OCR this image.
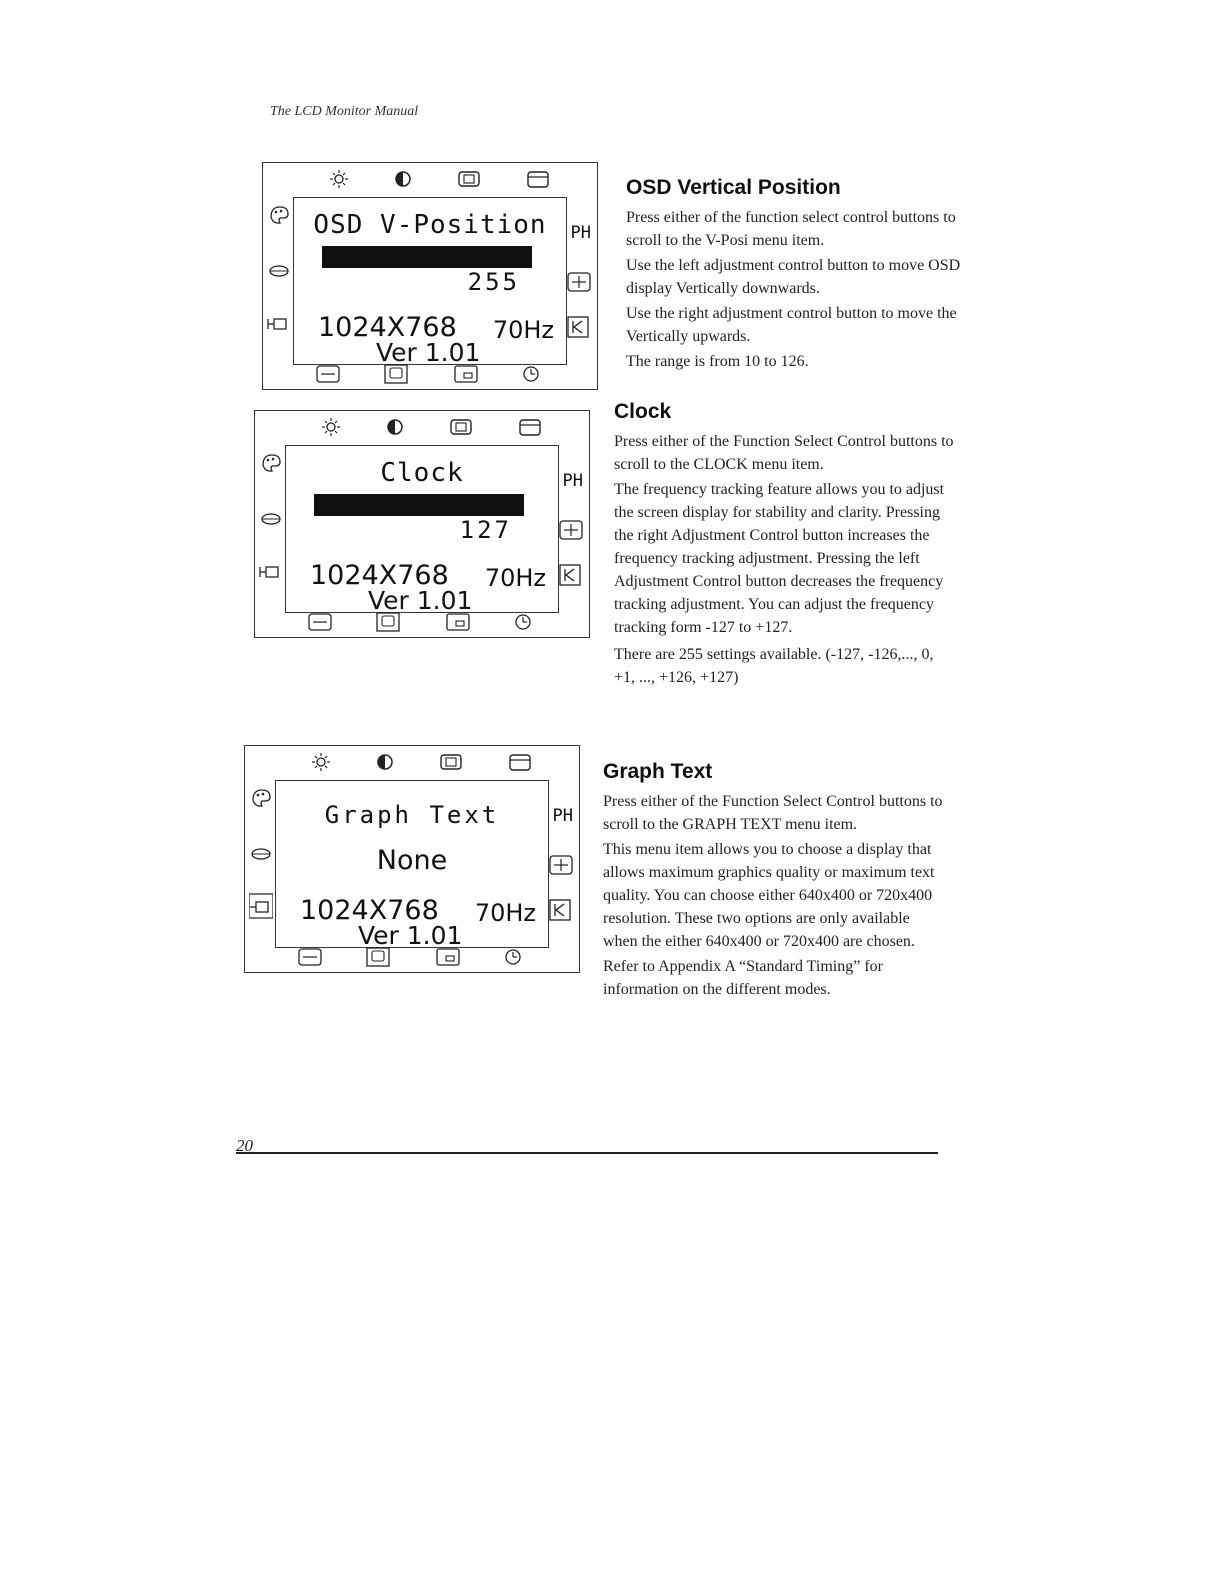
The LCD Monitor Manual
OSD V-Position
255
1024X768 70Hz
Ver 1.01
PH
Clock
127
1024X768 70Hz
Ver 1.01
PH
Graph Text
None
1024X768 70Hz
Ver 1.01
PH
OSD Vertical Position

Press either of the function select control buttons to scroll to the V-Posi menu item.

Use the left adjustment control button to move OSD display Vertically downwards.

Use the right adjustment control button to move the Vertically upwards.

The range is from 10 to 126.

Clock

Press either of the Function Select Control buttons to scroll to the CLOCK menu item.

The frequency tracking feature allows you to adjust the screen display for stability and clarity. Pressing the right Adjustment Control button increases the frequency tracking adjustment. Pressing the left Adjustment Control button decreases the frequency tracking adjustment. You can adjust the frequency tracking form -127 to +127.

There are 255 settings available. (-127, -126,..., 0, +1, ..., +126, +127)

Graph Text

Press either of the Function Select Control buttons to scroll to the GRAPH TEXT menu item.

This menu item allows you to choose a display that allows maximum graphics quality or maximum text quality. You can choose either 640x400 or 720x400 resolution. These two options are only available when the either 640x400 or 720x400 are chosen.

Refer to Appendix A “Standard Timing” for information on the different modes.

20
